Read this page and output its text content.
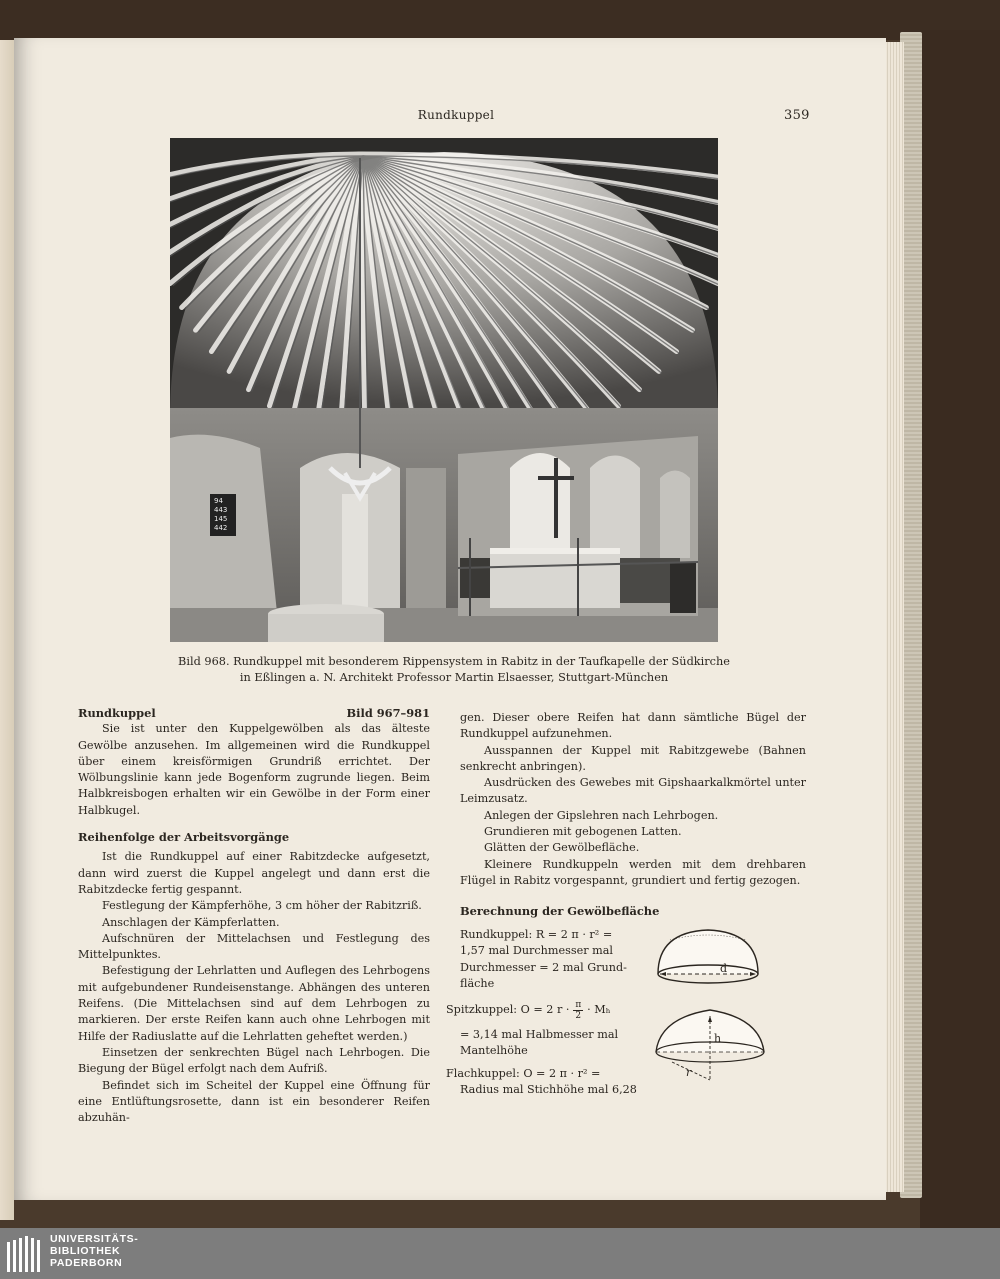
Rundkuppel	359
94
443
145
442
Bild 968. Rundkuppel mit besonderem Rippensystem in Rabitz in der Taufkapelle der Südkirche
in Eßlingen a. N. Architekt Professor Martin Elsaesser, Stuttgart-München
Rundkuppel	Bild 967–981

Sie ist unter den Kuppelgewölben als das älteste Gewölbe anzusehen. Im allgemeinen wird die Rundkuppel über einem kreisförmigen Grundriß errichtet. Der Wölbungslinie kann jede Bogenform zugrunde liegen. Beim Halbkreisbogen erhalten wir ein Gewölbe in der Form einer Halbkugel.

Reihenfolge der Arbeitsvorgänge

Ist die Rundkuppel auf einer Rabitzdecke aufgesetzt, dann wird zuerst die Kuppel angelegt und dann erst die Rabitzdecke fertig gespannt.

Festlegung der Kämpferhöhe, 3 cm höher der Rabitzriß.

Anschlagen der Kämpferlatten.

Aufschnüren der Mittelachsen und Festlegung des Mittelpunktes.

Befestigung der Lehrlatten und Auflegen des Lehrbogens mit aufgebundener Rundeisenstange. Abhängen des unteren Reifens. (Die Mittelachsen sind auf dem Lehrbogen zu markieren. Der erste Reifen kann auch ohne Lehrbogen mit Hilfe der Radiuslatte auf die Lehrlatten geheftet werden.)

Einsetzen der senkrechten Bügel nach Lehrbogen. Die Biegung der Bügel erfolgt nach dem Aufriß.

Befindet sich im Scheitel der Kuppel eine Öffnung für eine Entlüftungsrosette, dann ist ein besonderer Reifen abzuhän-

gen. Dieser obere Reifen hat dann sämtliche Bügel der Rundkuppel aufzunehmen.

Ausspannen der Kuppel mit Rabitzgewebe (Bahnen senkrecht anbringen).

Ausdrücken des Gewebes mit Gipshaarkalkmörtel unter Leimzusatz.

Anlegen der Gipslehren nach Lehrbogen.

Grundieren mit gebogenen Latten.

Glätten der Gewölbefläche.

Kleinere Rundkuppeln werden mit dem drehbaren Flügel in Rabitz vorgespannt, grundiert und fertig gezogen.

Berechnung der Gewölbefläche

Rundkuppel: R = 2 π · r² =
1,57 mal Durchmesser mal
Durchmesser = 2 mal Grund-
fläche
Spitzkuppel: O = 2 $r \cdot \frac{\pi}{2} \cdot M_h$
= 3,14 mal Halbmesser mal
Mantelhöhe
Flachkuppel: O = 2 π · r² =
Radius mal Stichhöhe mal 6,28
d
h
r
UNIVERSITÄTS-
BIBLIOTHEK
PADERBORN
